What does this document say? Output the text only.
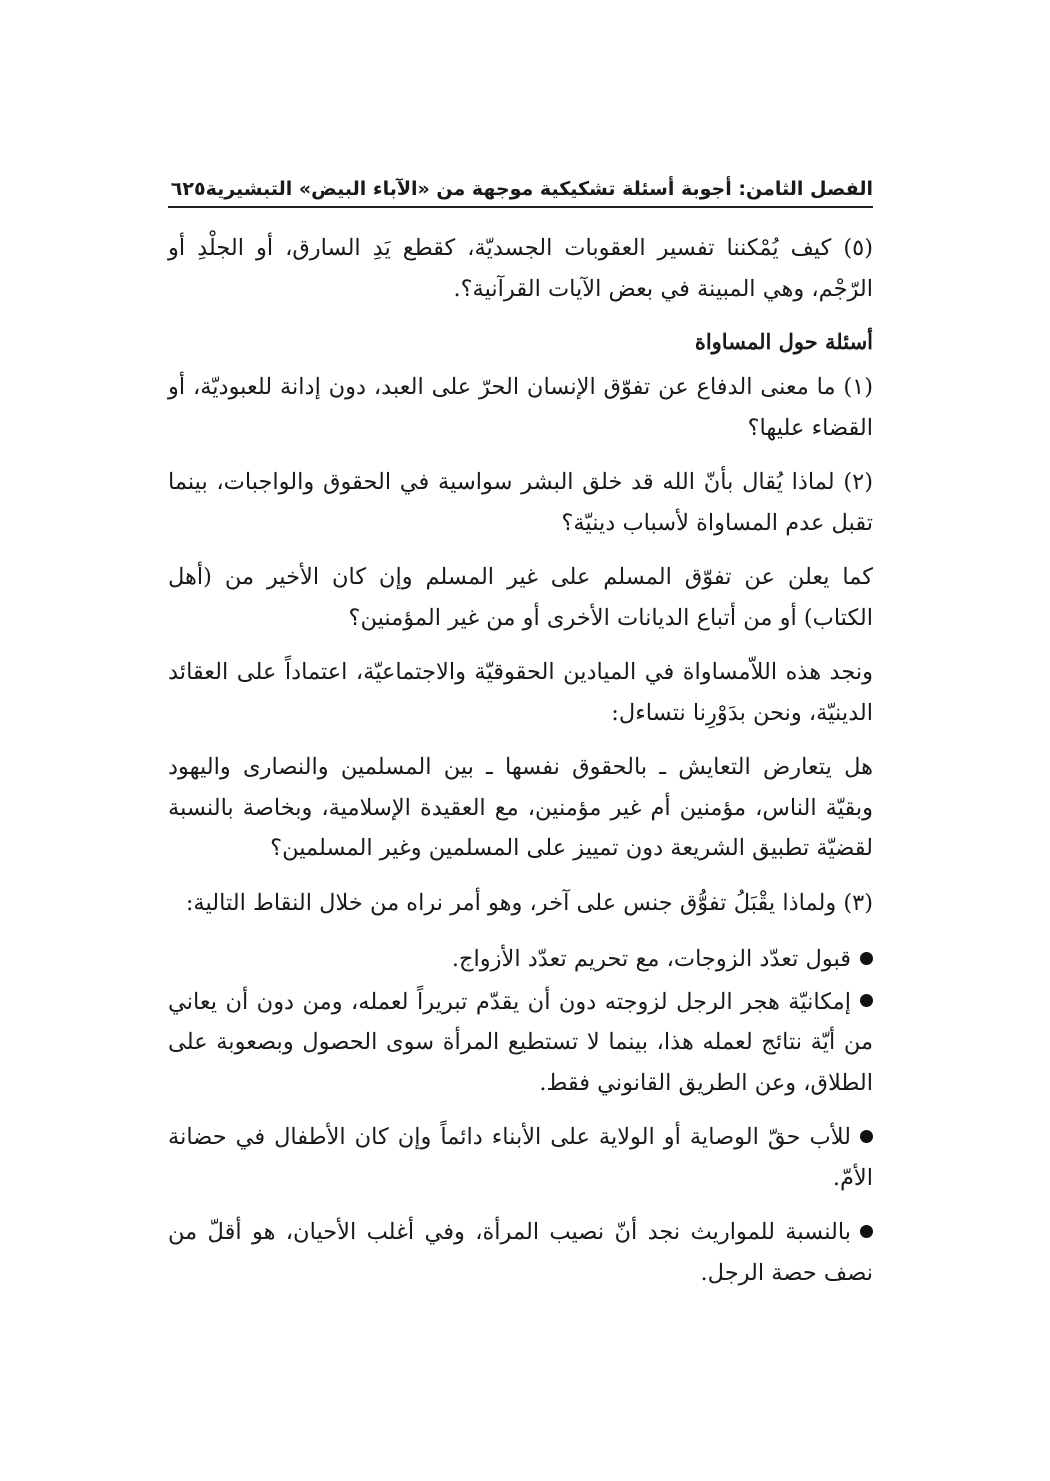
الفصل الثامن: أجوبة أسئلة تشكيكية موجهة من «الآباء البيض» التبشيرية
٦٢٥

(٥) كيف يُمْكننا تفسير العقوبات الجسديّة، كقطع يَدِ السارق، أو الجلْدِ أو الرّجْم، وهي المبينة في بعض الآيات القرآنية؟.

أسئلة حول المساواة

(١) ما معنى الدفاع عن تفوّق الإنسان الحرّ على العبد، دون إدانة للعبوديّة، أو القضاء عليها؟

(٢) لماذا يُقال بأنّ الله قد خلق البشر سواسية في الحقوق والواجبات، بينما تقبل عدم المساواة لأسباب دينيّة؟

كما يعلن عن تفوّق المسلم على غير المسلم وإن كان الأخير من (أهل الكتاب) أو من أتباع الديانات الأخرى أو من غير المؤمنين؟

ونجد هذه اللاّمساواة في الميادين الحقوقيّة والاجتماعيّة، اعتماداً على العقائد الدينيّة، ونحن بدَوْرِنا نتساءل:

هل يتعارض التعايش ـ بالحقوق نفسها ـ بين المسلمين والنصارى واليهود وبقيّة الناس، مؤمنين أم غير مؤمنين، مع العقيدة الإسلامية، وبخاصة بالنسبة لقضيّة تطبيق الشريعة دون تمييز على المسلمين وغير المسلمين؟

(٣) ولماذا يقْبَلُ تفوُّق جنس على آخر، وهو أمر نراه من خلال النقاط التالية:

قبول تعدّد الزوجات، مع تحريم تعدّد الأزواج.

إمكانيّة هجر الرجل لزوجته دون أن يقدّم تبريراً لعمله، ومن دون أن يعاني من أيّة نتائج لعمله هذا، بينما لا تستطيع المرأة سوى الحصول وبصعوبة على الطلاق، وعن الطريق القانوني فقط.

للأب حقّ الوصاية أو الولاية على الأبناء دائماً وإن كان الأطفال في حضانة الأمّ.

بالنسبة للمواريث نجد أنّ نصيب المرأة، وفي أغلب الأحيان، هو أقلّ من نصف حصة الرجل.
